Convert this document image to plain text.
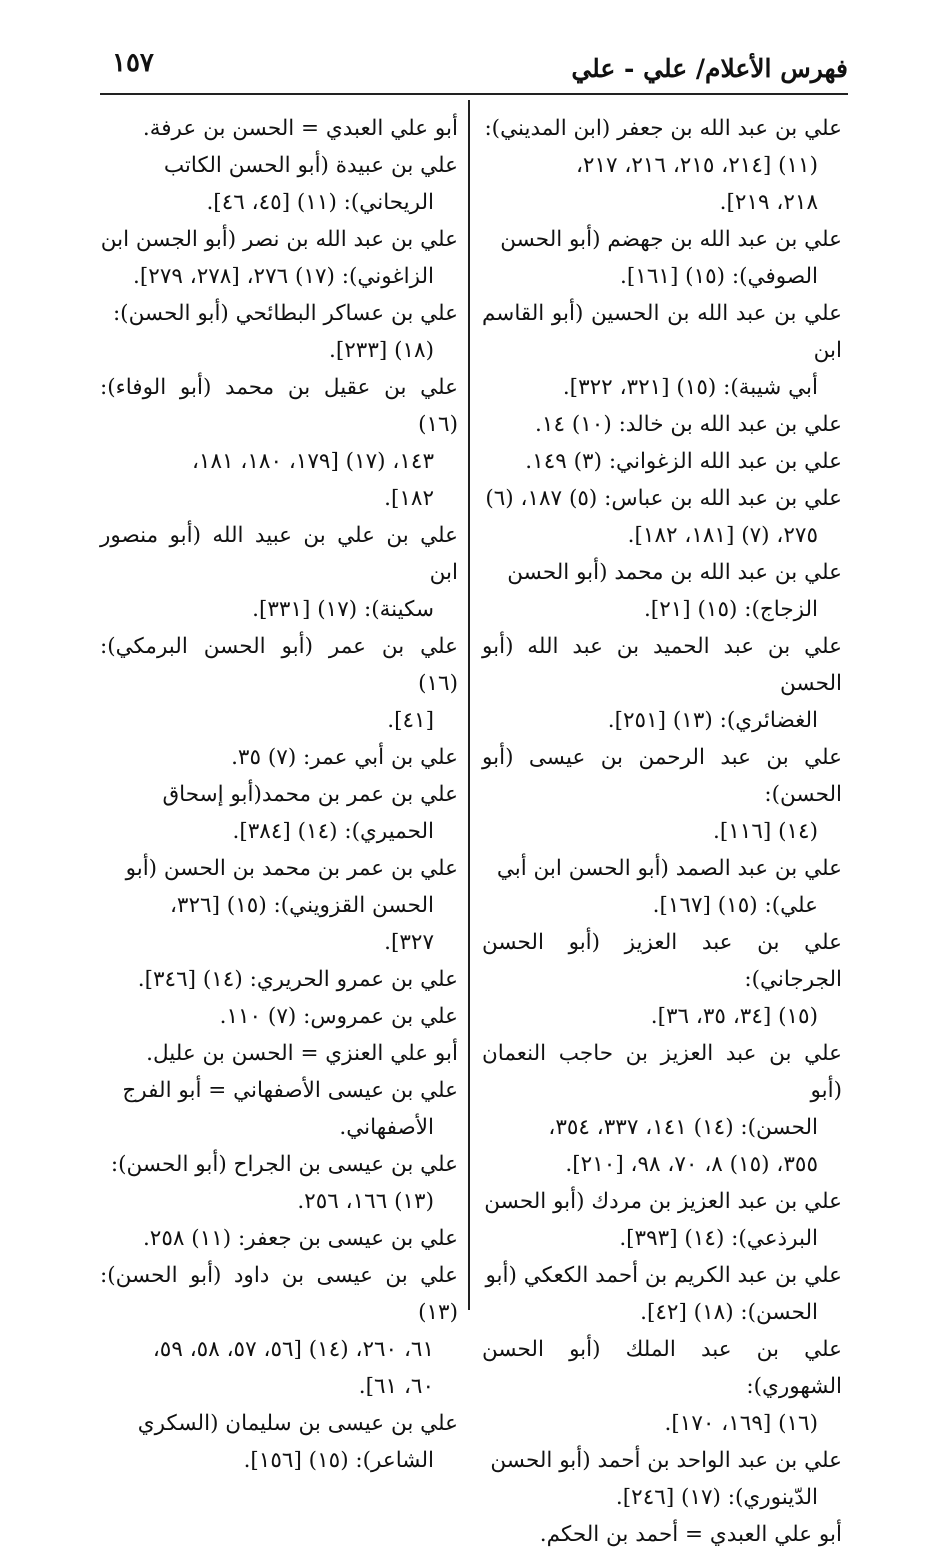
فهرس الأعلام/ علي - علي
١٥٧
علي بن عبد الله بن جعفر (ابن المديني):
(١١) [٢١٤، ٢١٥، ٢١٦، ٢١٧،
٢١٨، ٢١٩].
علي بن عبد الله بن جهضم (أبو الحسن
الصوفي): (١٥) [١٦١].
علي بن عبد الله بن الحسين (أبو القاسم ابن
أبي شيبة): (١٥) [٣٢١، ٣٢٢].
علي بن عبد الله بن خالد: (١٠) ١٤.
علي بن عبد الله الزغواني: (٣) ١٤٩.
علي بن عبد الله بن عباس: (٥) ١٨٧، (٦)
٢٧٥، (٧) [١٨١، ١٨٢].
علي بن عبد الله بن محمد (أبو الحسن
الزجاج): (١٥) [٢١].
علي بن عبد الحميد بن عبد الله (أبو الحسن
الغضائري): (١٣) [٢٥١].
علي بن عبد الرحمن بن عيسى (أبو الحسن):
(١٤) [١١٦].
علي بن عبد الصمد (أبو الحسن ابن أبي
علي): (١٥) [١٦٧].
علي بن عبد العزيز (أبو الحسن الجرجاني):
(١٥) [٣٤، ٣٥، ٣٦].
علي بن عبد العزيز بن حاجب النعمان (أبو
الحسن): (١٤) ١٤١، ٣٣٧، ٣٥٤،
٣٥٥، (١٥) ٨، ٧٠، ٩٨، [٢١٠].
علي بن عبد العزيز بن مردك (أبو الحسن
البرذعي): (١٤) [٣٩٣].
علي بن عبد الكريم بن أحمد الكعكي (أبو
الحسن): (١٨) [٤٢].
علي بن عبد الملك (أبو الحسن الشهوري):
(١٦) [١٦٩، ١٧٠].
علي بن عبد الواحد بن أحمد (أبو الحسن
الدّينوري): (١٧) [٢٤٦].
أبو علي العبدي = أحمد بن الحكم.
أبو علي العبدي = الحسن بن عرفة.
علي بن عبيدة (أبو الحسن الكاتب
الريحاني): (١١) [٤٥، ٤٦].
علي بن عبد الله بن نصر (أبو الجسن ابن
الزاغوني): (١٧) ٢٧٦، [٢٧٨، ٢٧٩].
علي بن عساكر البطائحي (أبو الحسن):
(١٨) [٢٣٣].
علي بن عقيل بن محمد (أبو الوفاء): (١٦)
١٤٣، (١٧) [١٧٩، ١٨٠، ١٨١،
١٨٢].
علي بن علي بن عبيد الله (أبو منصور ابن
سكينة): (١٧) [٣٣١].
علي بن عمر (أبو الحسن البرمكي): (١٦)
[٤١].
علي بن أبي عمر: (٧) ٣٥.
علي بن عمر بن محمد(أبو إسحاق
الحميري): (١٤) [٣٨٤].
علي بن عمر بن محمد بن الحسن (أبو
الحسن القزويني): (١٥) [٣٢٦،
٣٢٧].
علي بن عمرو الحريري: (١٤) [٣٤٦].
علي بن عمروس: (٧) ١١٠.
أبو علي العنزي = الحسن بن عليل.
علي بن عيسى الأصفهاني = أبو الفرج
الأصفهاني.
علي بن عيسى بن الجراح (أبو الحسن):
(١٣) ١٦٦، ٢٥٦.
علي بن عيسى بن جعفر: (١١) ٢٥٨.
علي بن عيسى بن داود (أبو الحسن): (١٣)
٦١، ٢٦٠، (١٤) [٥٦، ٥٧، ٥٨، ٥٩،
٦٠، ٦١].
علي بن عيسى بن سليمان (السكري
الشاعر): (١٥) [١٥٦].
